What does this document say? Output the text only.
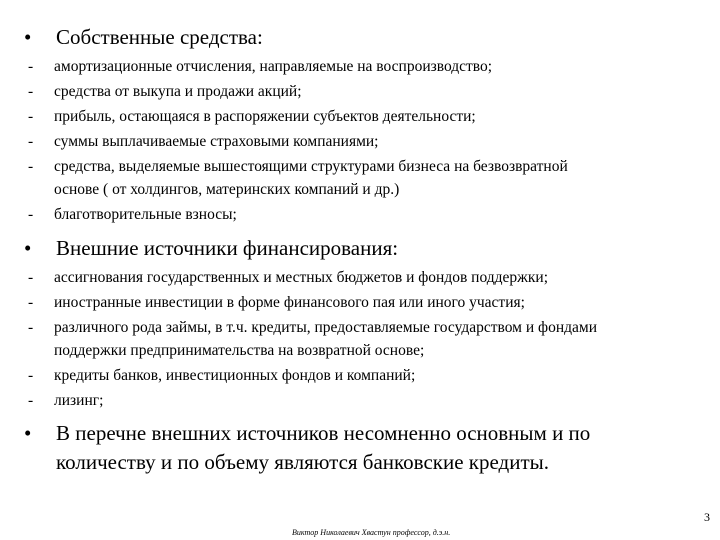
•	Собственные средства:
-	амортизационные отчисления, направляемые на воспроизводство;
-	средства от выкупа и продажи акций;
-	прибыль, остающаяся в распоряжении субъектов деятельности;
-	суммы выплачиваемые страховыми компаниями;
-	средства, выделяемые вышестоящими структурами бизнеса на безвозвратной
основе ( от холдингов, материнских компаний и др.)
-	благотворительные взносы;
•	Внешние источники финансирования:
-	ассигнования государственных и местных бюджетов и фондов поддержки;
-	иностранные инвестиции в форме финансового пая или иного участия;
-	различного рода займы, в т.ч. кредиты, предоставляемые государством и фондами
поддержки предпринимательства на возвратной основе;
-	кредиты банков, инвестиционных фондов и компаний;
-	лизинг;
• В перечне внешних источников несомненно основным и по
количеству и по объему являются банковские кредиты.
3
Виктор Николаевич Хвастун профессор, д.э.н.
